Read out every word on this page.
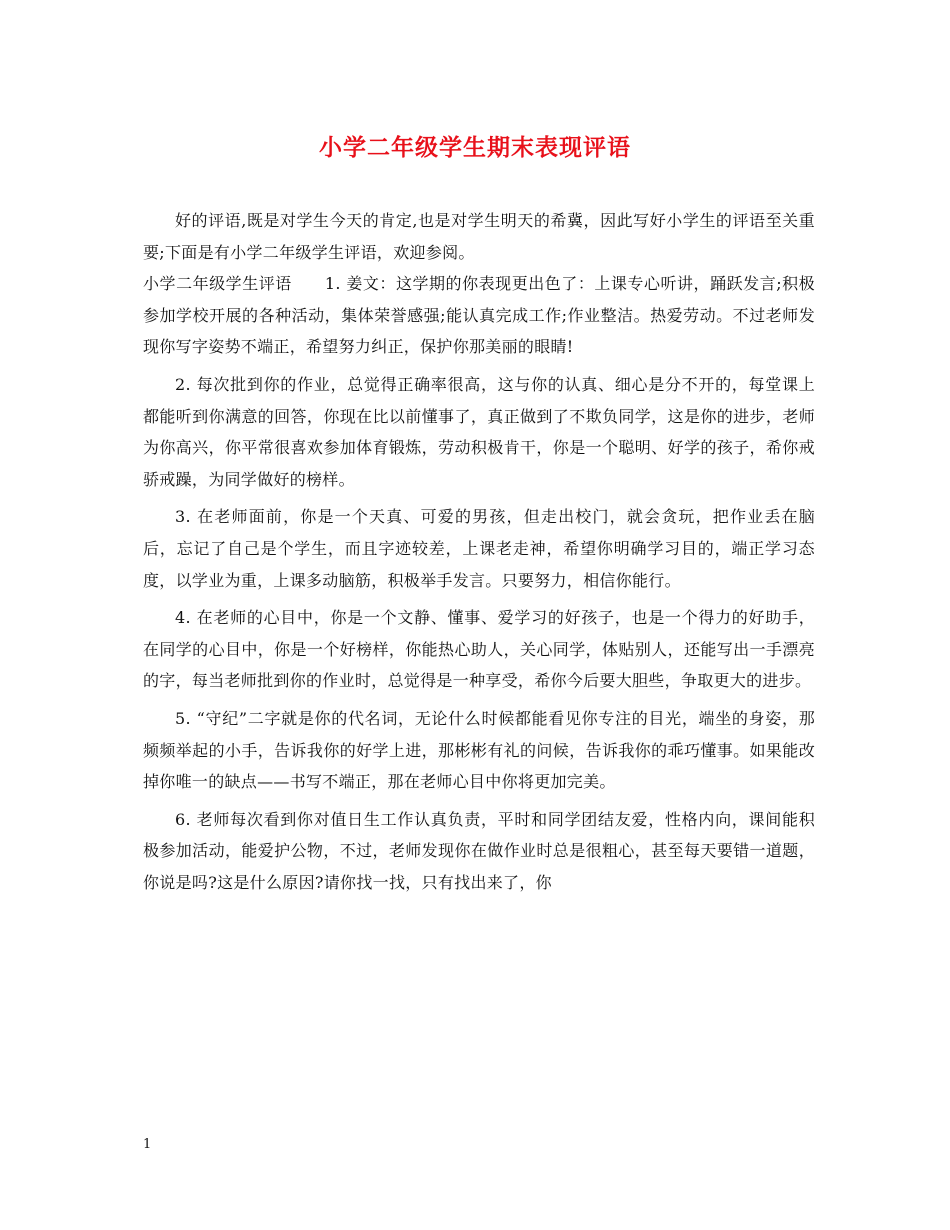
小学二年级学生期末表现评语

好的评语,既是对学生今天的肯定,也是对学生明天的希冀，因此写好小学生的评语至关重要;下面是有小学二年级学生评语，欢迎参阅。

小学二年级学生评语　　1. 姜文：这学期的你表现更出色了：上课专心听讲，踊跃发言;积极参加学校开展的各种活动，集体荣誉感强;能认真完成工作;作业整洁。热爱劳动。不过老师发现你写字姿势不端正，希望努力纠正，保护你那美丽的眼睛!

2. 每次批到你的作业，总觉得正确率很高，这与你的认真、细心是分不开的，每堂课上都能听到你满意的回答，你现在比以前懂事了，真正做到了不欺负同学，这是你的进步，老师为你高兴，你平常很喜欢参加体育锻炼，劳动积极肯干，你是一个聪明、好学的孩子，希你戒骄戒躁，为同学做好的榜样。

3. 在老师面前，你是一个天真、可爱的男孩，但走出校门，就会贪玩，把作业丢在脑后，忘记了自己是个学生，而且字迹较差，上课老走神，希望你明确学习目的，端正学习态度，以学业为重，上课多动脑筋，积极举手发言。只要努力，相信你能行。

4. 在老师的心目中，你是一个文静、懂事、爱学习的好孩子，也是一个得力的好助手，在同学的心目中，你是一个好榜样，你能热心助人，关心同学，体贴别人，还能写出一手漂亮的字，每当老师批到你的作业时，总觉得是一种享受，希你今后要大胆些，争取更大的进步。

5. “守纪”二字就是你的代名词，无论什么时候都能看见你专注的目光，端坐的身姿，那频频举起的小手，告诉我你的好学上进，那彬彬有礼的问候，告诉我你的乖巧懂事。如果能改掉你唯一的缺点——书写不端正，那在老师心目中你将更加完美。

6. 老师每次看到你对值日生工作认真负责，平时和同学团结友爱，性格内向，课间能积极参加活动，能爱护公物，不过，老师发现你在做作业时总是很粗心，甚至每天要错一道题，你说是吗?这是什么原因?请你找一找，只有找出来了，你

1
